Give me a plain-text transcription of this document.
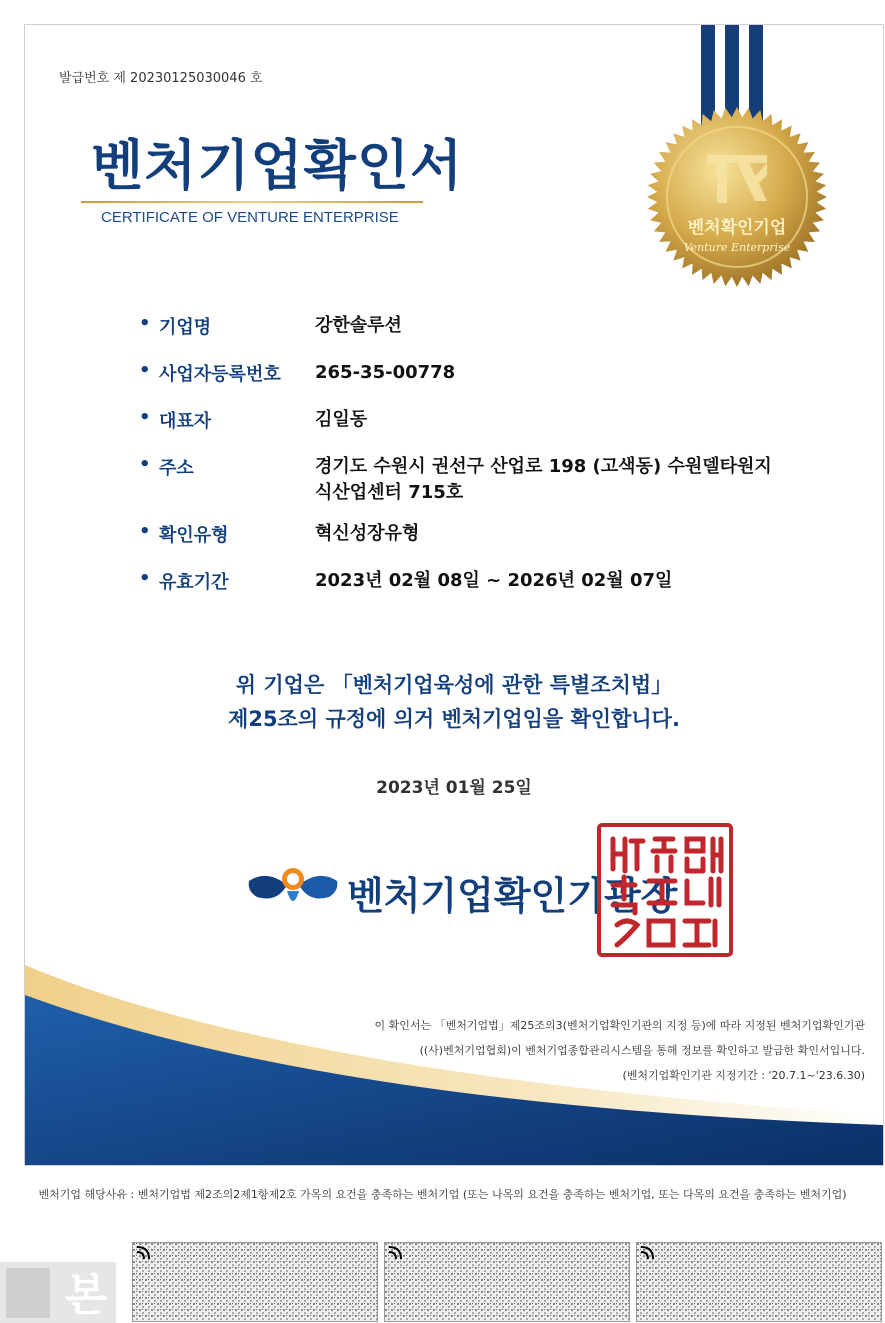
발급번호 제 20230125030046 호
벤처기업확인서
CERTIFICATE OF VENTURE ENTERPRISE
벤처확인기업
Venture Enterprise
• 기업명	강한솔루션
• 사업자등록번호 265-35-00778
• 대표자	김일동
• 주소	경기도 수원시 권선구 산업로 198 (고색동) 수원델타원지
식산업센터 715호
• 확인유형	혁신성장유형
• 유효기간	2023년 02월 08일 ~ 2026년 02월 07일
위 기업은 「벤처기업육성에 관한 특별조치법」
제25조의 규정에 의거 벤처기업임을 확인합니다.
2023년 01월 25일
벤처기업확인기관장
이 확인서는 「벤처기업법」제25조의3(벤처기업확인기관의 지정 등)에 따라 지정된 벤처기업확인기관
((사)벤처기업협회)이 벤처기업종합관리시스템을 통해 정보를 확인하고 발급한 확인서입니다.
(벤처기업확인기관 지정기간 : '20.7.1~'23.6.30)
벤처기업 해당사유 : 벤처기업법 제2조의2제1항제2호 가목의 요건을 충족하는 벤처기업 (또는 나목의 요건을 충족하는 벤처기업, 또는 다목의 요건을 충족하는 벤처기업)
본
